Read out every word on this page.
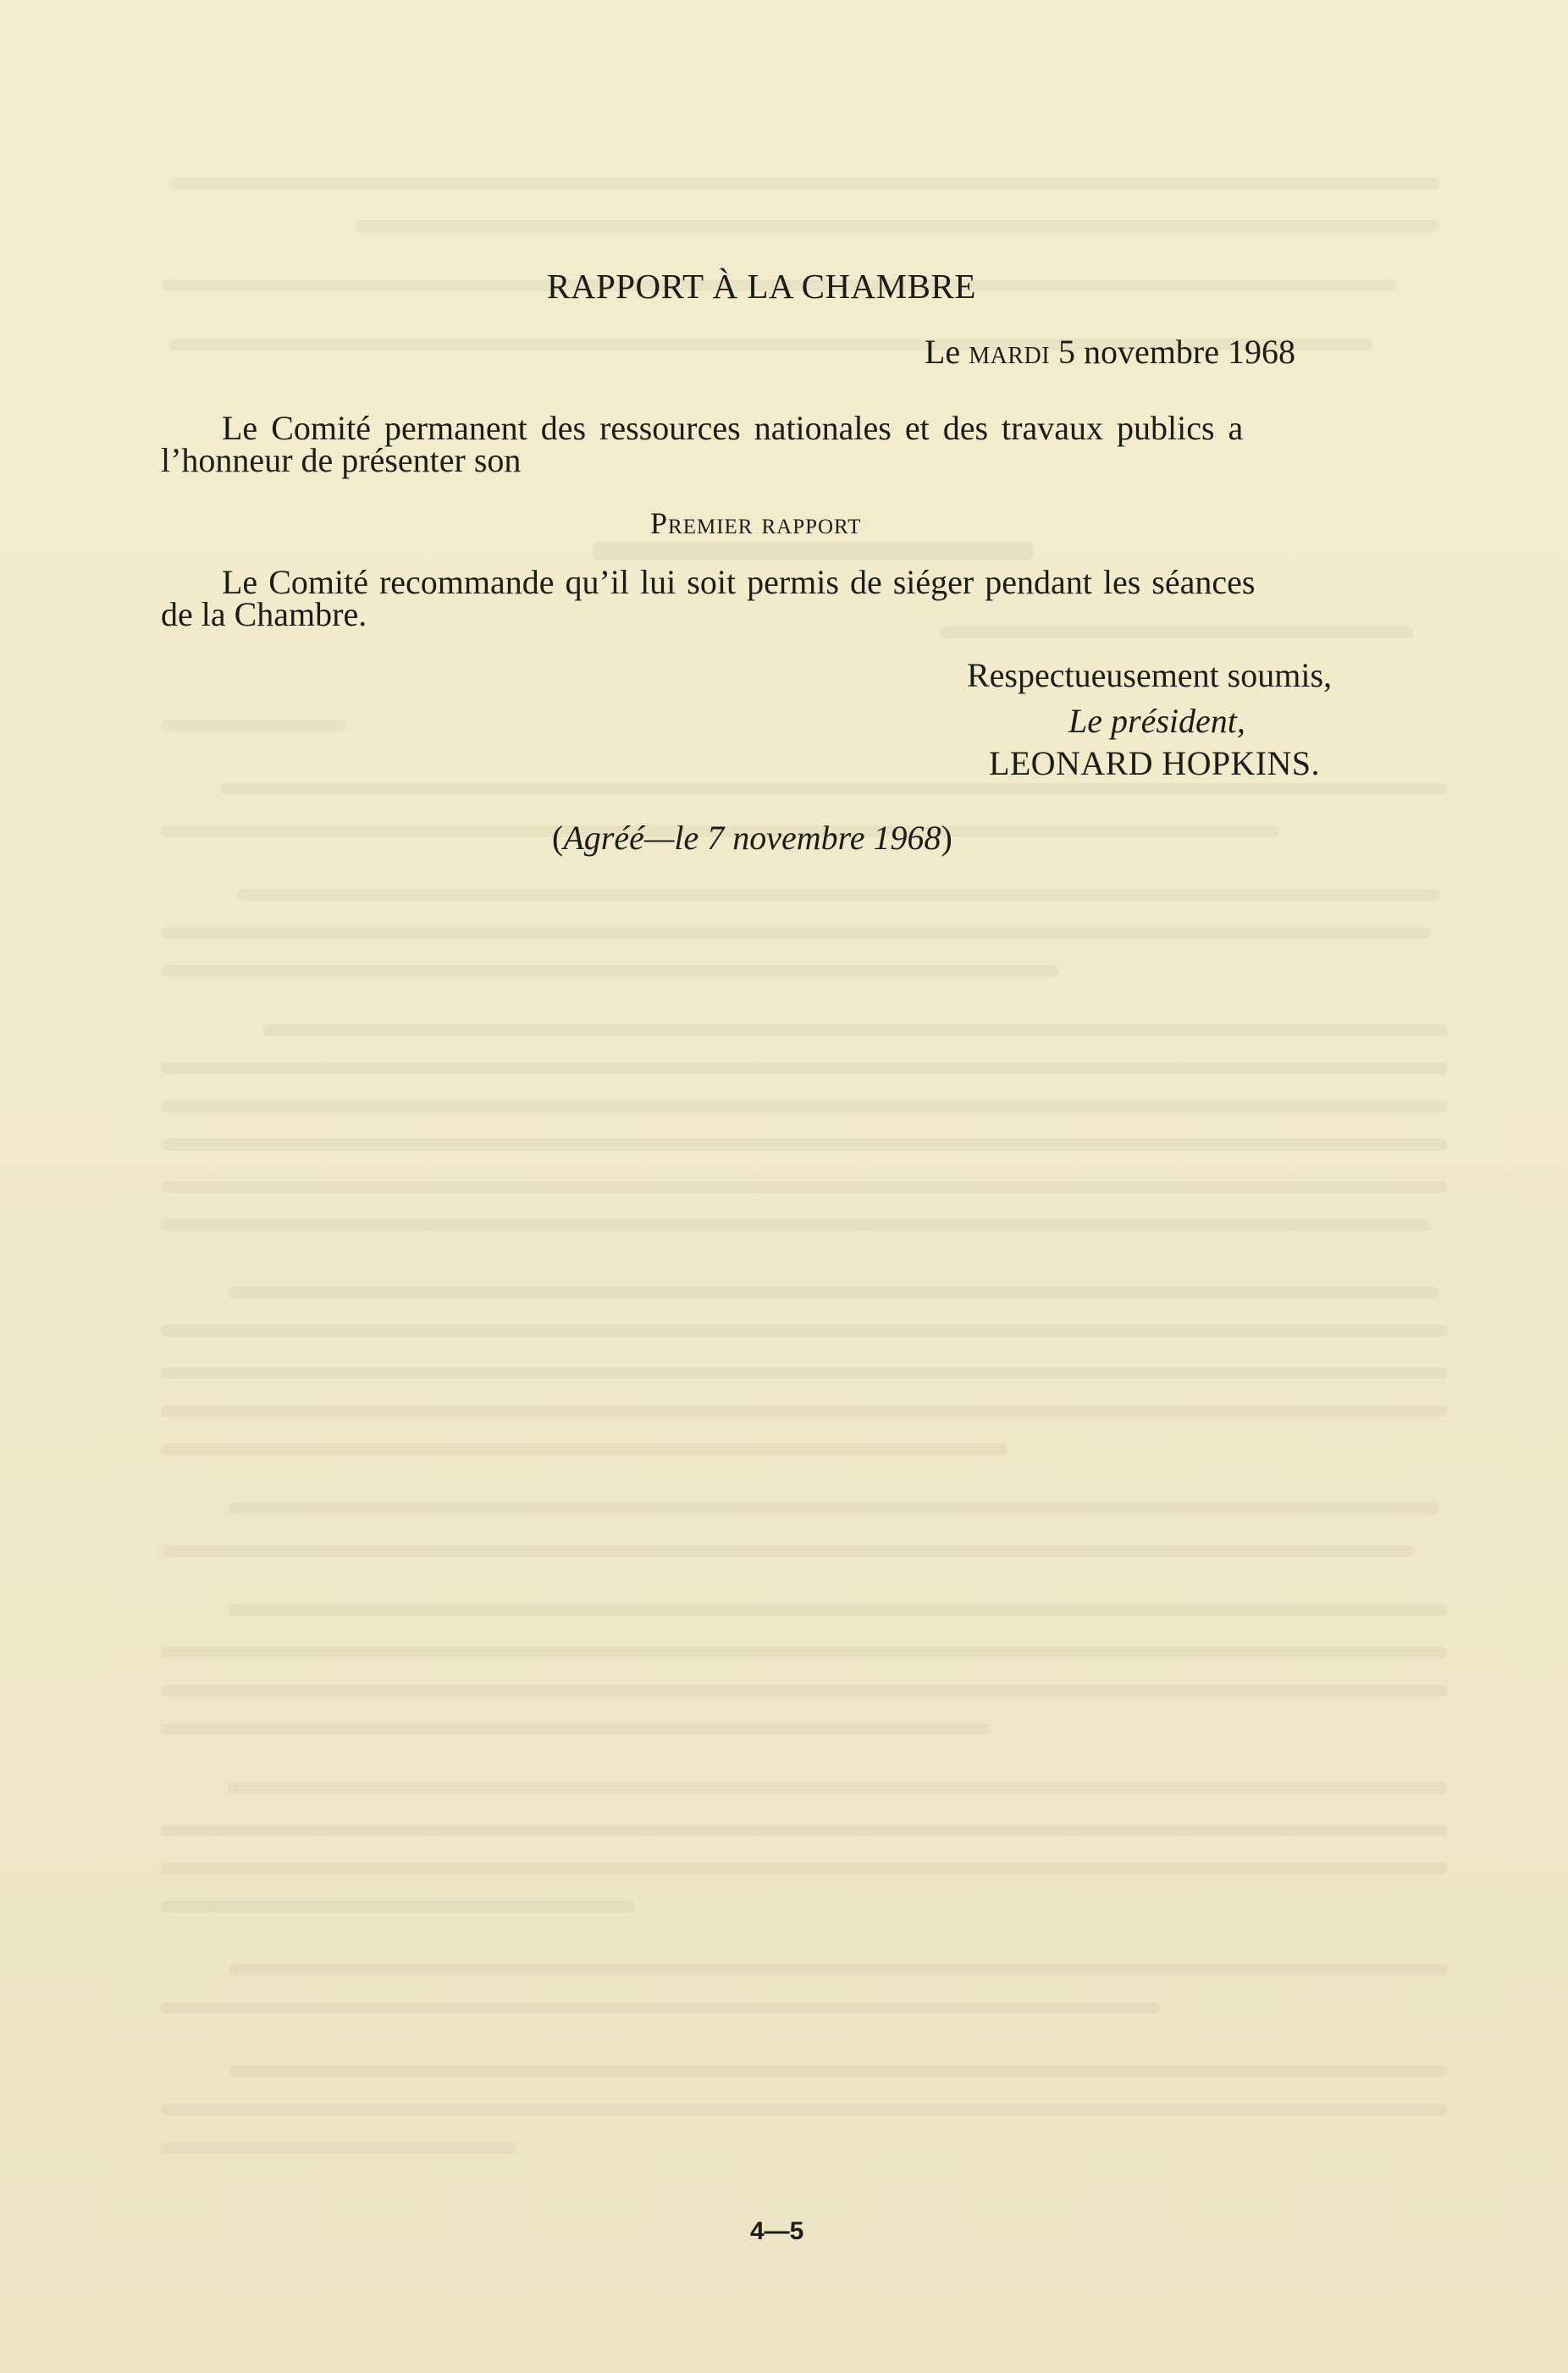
RAPPORT À LA CHAMBRE
Le mardi 5 novembre 1968
Le Comité permanent des ressources nationales et des travaux publics a
l’honneur de présenter son
Premier rapport
Le Comité recommande qu’il lui soit permis de siéger pendant les séances
de la Chambre.
Respectueusement soumis,
Le président,
LEONARD HOPKINS.
(Agréé—le 7 novembre 1968)
4—5
